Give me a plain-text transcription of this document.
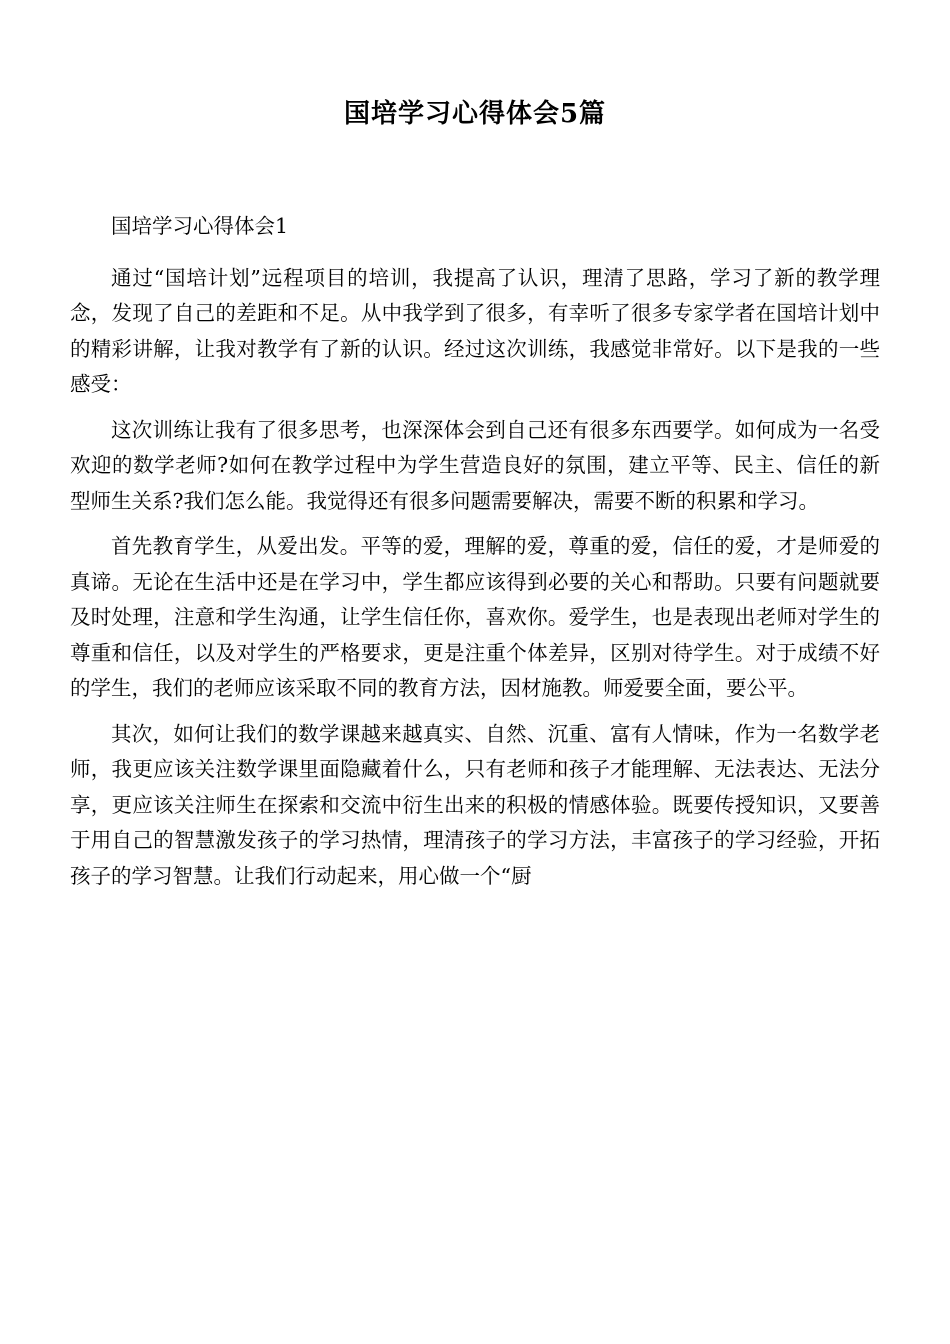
国培学习心得体会5篇

国培学习心得体会1

通过“国培计划”远程项目的培训，我提高了认识，理清了思路，学习了新的教学理念，发现了自己的差距和不足。从中我学到了很多，有幸听了很多专家学者在国培计划中的精彩讲解，让我对教学有了新的认识。经过这次训练，我感觉非常好。以下是我的一些感受：

这次训练让我有了很多思考，也深深体会到自己还有很多东西要学。如何成为一名受欢迎的数学老师?如何在教学过程中为学生营造良好的氛围，建立平等、民主、信任的新型师生关系?我们怎么能。我觉得还有很多问题需要解决，需要不断的积累和学习。

首先教育学生，从爱出发。平等的爱，理解的爱，尊重的爱，信任的爱，才是师爱的真谛。无论在生活中还是在学习中，学生都应该得到必要的关心和帮助。只要有问题就要及时处理，注意和学生沟通，让学生信任你，喜欢你。爱学生，也是表现出老师对学生的尊重和信任，以及对学生的严格要求，更是注重个体差异，区别对待学生。对于成绩不好的学生，我们的老师应该采取不同的教育方法，因材施教。师爱要全面，要公平。

其次，如何让我们的数学课越来越真实、自然、沉重、富有人情味，作为一名数学老师，我更应该关注数学课里面隐藏着什么，只有老师和孩子才能理解、无法表达、无法分享，更应该关注师生在探索和交流中衍生出来的积极的情感体验。既要传授知识，又要善于用自己的智慧激发孩子的学习热情，理清孩子的学习方法，丰富孩子的学习经验，开拓孩子的学习智慧。让我们行动起来，用心做一个“厨
